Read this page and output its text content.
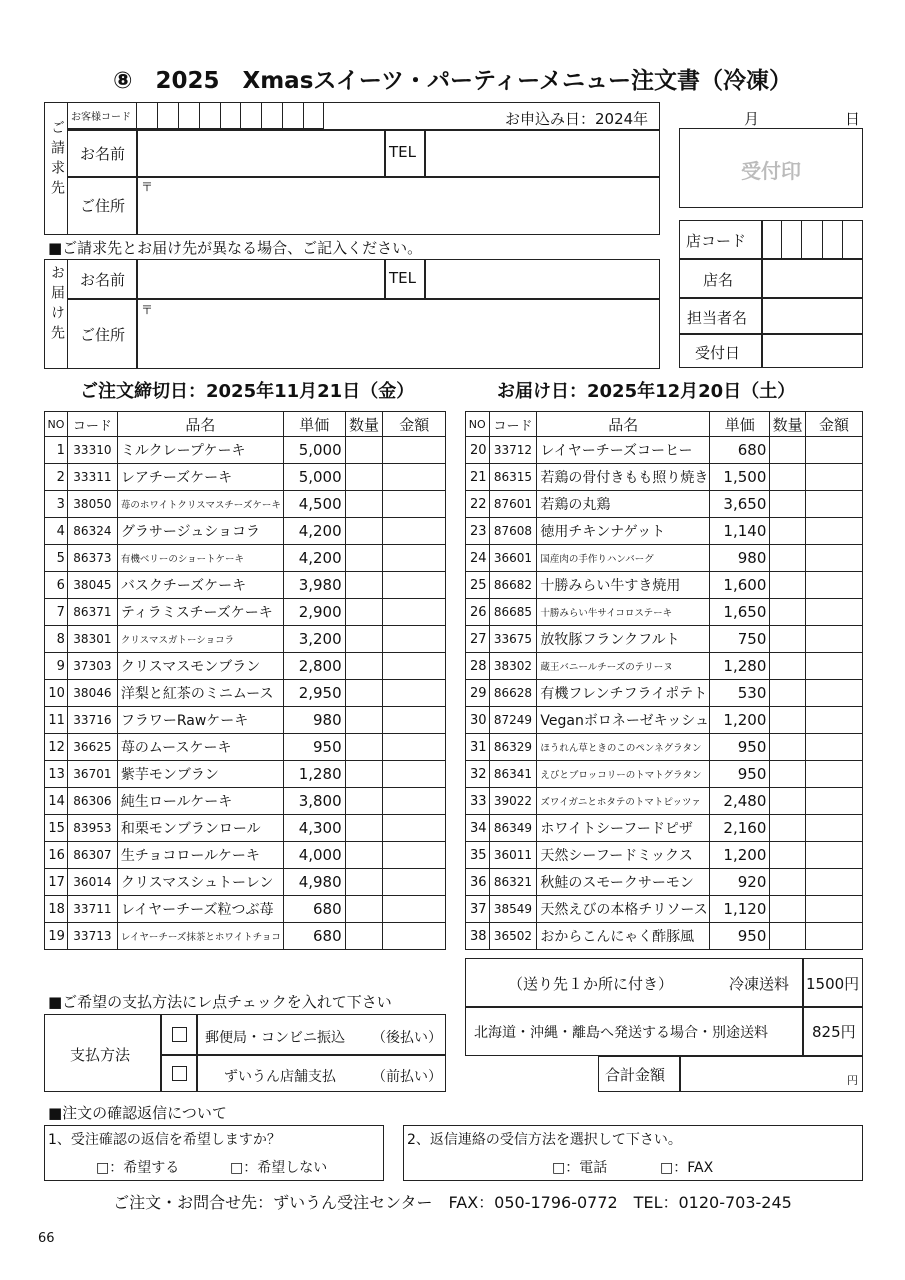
⑧　2025　Xmasスイーツ・パーティーメニュー注文書（冷凍）
ご請求先
お客様コード
お名前	TEL
ご住所
〒
お申込み日：2024年	月	日
受付印
店コード
店名
担当者名
受付日
■ご請求先とお届け先が異なる場合、ご記入ください。
お届け先 お名前	TEL
ご住所
〒
ご注文締切日：2025年11月21日（金）	お届け日：2025年12月20日（土）
NO	コード	品名	単価	数量	金額
1	33310	ミルクレープケーキ	5,000		
2	33311	レアチーズケーキ	5,000		
3	38050	苺のホワイトクリスマスチーズケーキ	4,500		
4	86324	グラサージュショコラ	4,200		
5	86373	有機ベリーのショートケーキ	4,200		
6	38045	バスクチーズケーキ	3,980		
7	86371	ティラミスチーズケーキ	2,900		
8	38301	クリスマスガトーショコラ	3,200		
9	37303	クリスマスモンブラン	2,800		
10	38046	洋梨と紅茶のミニムース	2,950		
11	33716	フラワーRawケーキ	980		
12	36625	苺のムースケーキ	950		
13	36701	紫芋モンブラン	1,280		
14	86306	純生ロールケーキ	3,800		
15	83953	和栗モンブランロール	4,300		
16	86307	生チョコロールケーキ	4,000		
17	36014	クリスマスシュトーレン	4,980		
18	33711	レイヤーチーズ粒つぶ苺	680		
19	33713	レイヤーチーズ抹茶とホワイトチョコ	680		
NO	コード	品名	単価	数量	金額
20	33712	レイヤーチーズコーヒー	680		
21	86315	若鶏の骨付きもも照り焼き	1,500		
22	87601	若鶏の丸鶏	3,650		
23	87608	徳用チキンナゲット	1,140		
24	36601	国産肉の手作りハンバーグ	980		
25	86682	十勝みらい牛すき焼用	1,600		
26	86685	十勝みらい牛サイコロステーキ	1,650		
27	33675	放牧豚フランクフルト	750		
28	38302	蔵王バニールチーズのテリーヌ	1,280		
29	86628	有機フレンチフライポテト	530		
30	87249	Veganボロネーゼキッシュ	1,200		
31	86329	ほうれん草ときのこのペンネグラタン	950		
32	86341	えびとブロッコリーのトマトグラタン	950		
33	39022	ズワイガニとホタテのトマトピッツァ	2,480		
34	86349	ホワイトシーフードピザ	2,160		
35	36011	天然シーフードミックス	1,200		
36	86321	秋鮭のスモークサーモン	920		
37	38549	天然えびの本格チリソース	1,120		
38	36502	おからこんにゃく酢豚風	950		
（送り先１か所に付き）	冷凍送料 1500円
北海道・沖縄・離島へ発送する場合・別途送料	825円
合計金額	円
■ご希望の支払方法にレ点チェックを入れて下さい
支払方法
郵便局・コンビニ振込 （後払い）
ずいうん店舗支払	（前払い）
■注文の確認返信について
1、受注確認の返信を希望しますか？
□：希望する	□：希望しない
2、返信連絡の受信方法を選択して下さい。
□：電話	□：FAX
ご注文・お問合せ先：ずいうん受注センター　FAX：050-1796-0772　TEL：0120-703-245
66
